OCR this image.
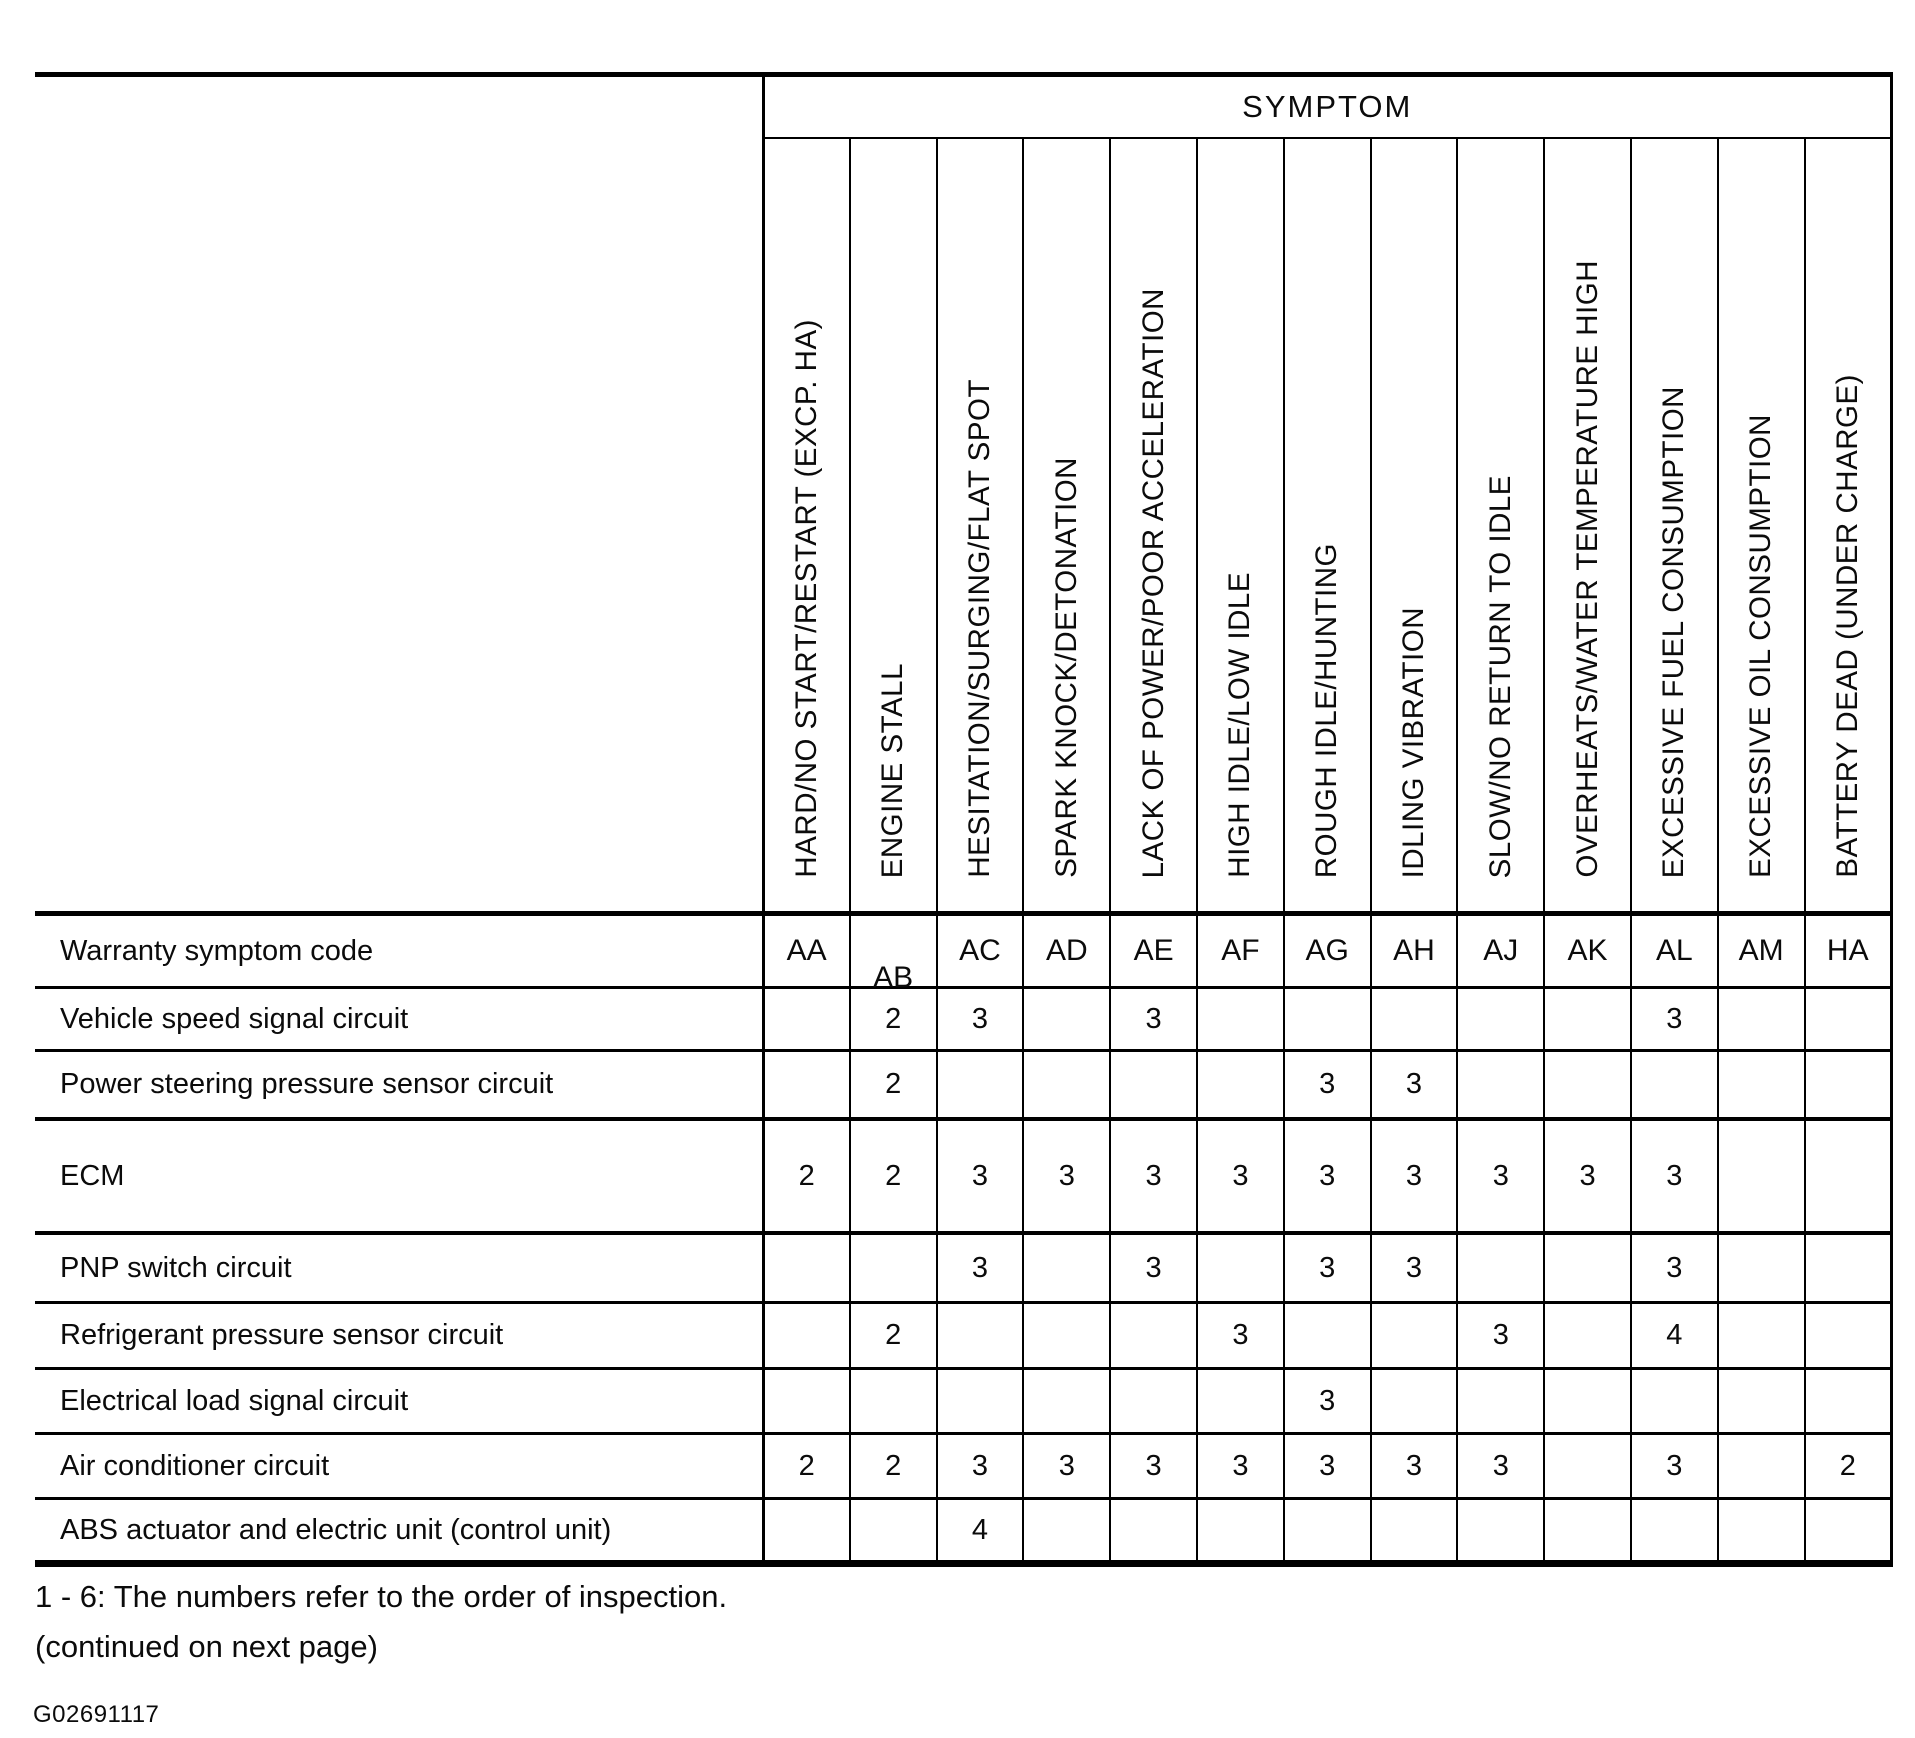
	SYMPTOM												
	HARD/NO START/RESTART (EXCP. HA)	ENGINE STALL	HESITATION/SURGING/FLAT SPOT	SPARK KNOCK/DETONATION	LACK OF POWER/POOR ACCELERATION	HIGH IDLE/LOW IDLE	ROUGH IDLE/HUNTING	IDLING VIBRATION	SLOW/NO RETURN TO IDLE	OVERHEATS/WATER TEMPERATURE HIGH	EXCESSIVE FUEL CONSUMPTION	EXCESSIVE OIL CONSUMPTION	BATTERY DEAD (UNDER CHARGE)
Warranty symptom code	AA	AB	AC	AD	AE	AF	AG	AH	AJ	AK	AL	AM	HA
Vehicle speed signal circuit		2	3		3						3		
Power steering pressure sensor circuit		2					3	3					
ECM	2	2	3	3	3	3	3	3	3	3	3		
PNP switch circuit			3		3		3	3			3		
Refrigerant pressure sensor circuit		2				3			3		4		
Electrical load signal circuit							3						
Air conditioner circuit	2	2	3	3	3	3	3	3	3		3		2
ABS actuator and electric unit (control unit)			4										

1 - 6: The numbers refer to the order of inspection.

(continued on next page)

G02691117
